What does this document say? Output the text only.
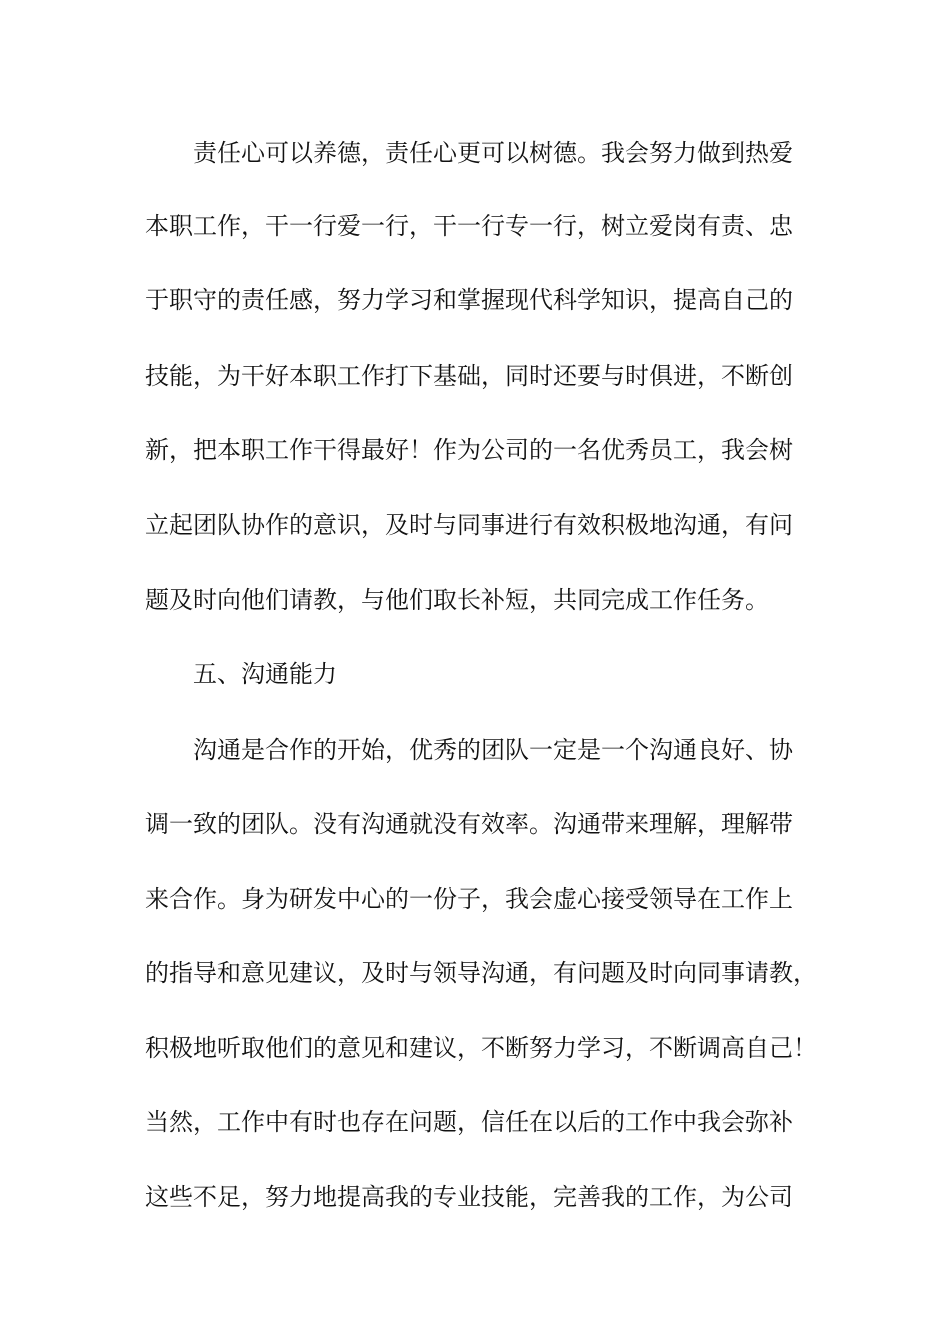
责任心可以养德，责任心更可以树德。我会努力做到热爱
本职工作，干一行爱一行，干一行专一行，树立爱岗有责、忠
于职守的责任感，努力学习和掌握现代科学知识，提高自己的
技能，为干好本职工作打下基础，同时还要与时俱进，不断创
新，把本职工作干得最好！作为公司的一名优秀员工，我会树
立起团队协作的意识，及时与同事进行有效积极地沟通，有问
题及时向他们请教，与他们取长补短，共同完成工作任务。
五、沟通能力
沟通是合作的开始，优秀的团队一定是一个沟通良好、协
调一致的团队。没有沟通就没有效率。沟通带来理解，理解带
来合作。身为研发中心的一份子，我会虚心接受领导在工作上
的指导和意见建议，及时与领导沟通，有问题及时向同事请教，
积极地听取他们的意见和建议，不断努力学习，不断调高自己！
当然，工作中有时也存在问题，信任在以后的工作中我会弥补
这些不足，努力地提高我的专业技能，完善我的工作，为公司
